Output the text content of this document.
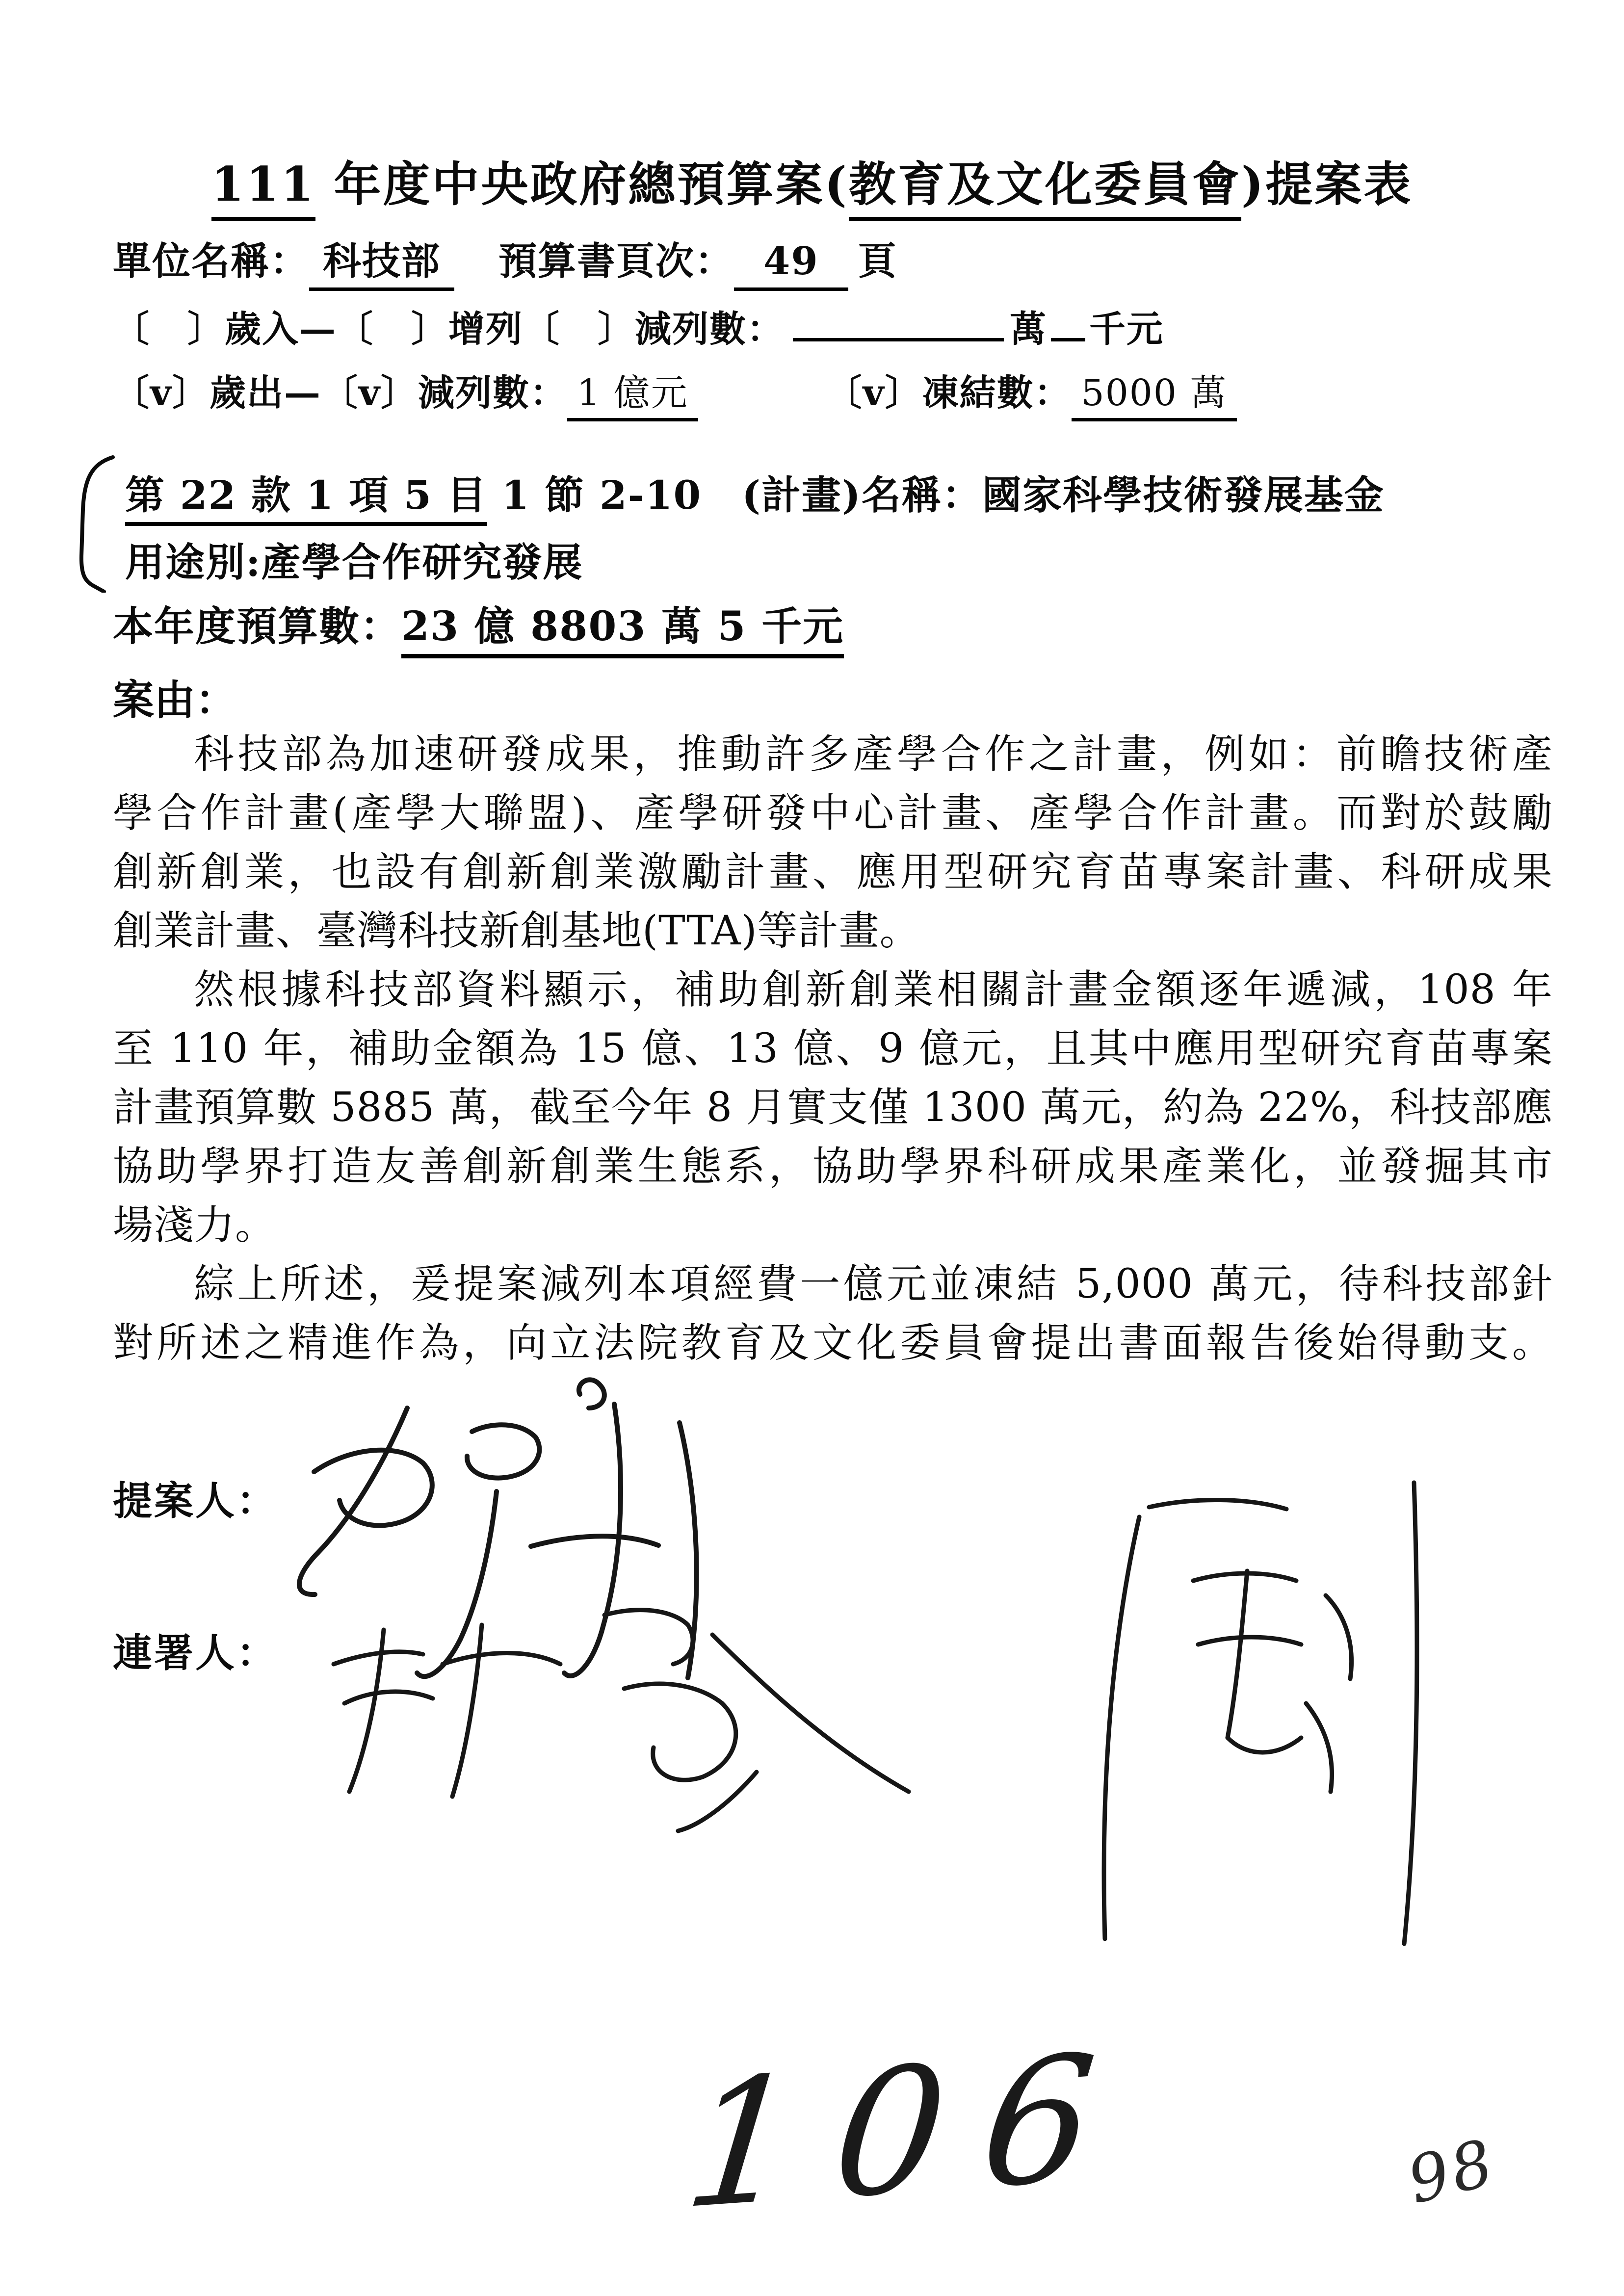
111 年度中央政府總預算案(教育及文化委員會)提案表
單位名稱： 科技部 預算書頁次： 49 頁
〔　〕歲入—〔　〕增列〔　〕減列數：	萬 千元
〔v〕歲出—〔v〕減列數： 1 億元	〔v〕凍結數： 5000 萬
第 22 款 1 項 5 目 1 節 2-10　(計畫)名稱：國家科學技術發展基金
用途別:產學合作研究發展
本年度預算數：23 億 8803 萬 5 千元
案由：
科技部為加速研發成果，推動許多產學合作之計畫，例如：前瞻技術產
學合作計畫(產學大聯盟)、產學研發中心計畫、產學合作計畫。而對於鼓勵
創新創業，也設有創新創業激勵計畫、應用型研究育苗專案計畫、科研成果
創業計畫、臺灣科技新創基地(TTA)等計畫。
然根據科技部資料顯示，補助創新創業相關計畫金額逐年遞減，108 年
至 110 年，補助金額為 15 億、13 億、9 億元，且其中應用型研究育苗專案
計畫預算數 5885 萬，截至今年 8 月實支僅 1300 萬元，約為 22%，科技部應
協助學界打造友善創新創業生態系，協助學界科研成果產業化，並發掘其市
場淺力。
綜上所述，爰提案減列本項經費一億元並凍結 5,000 萬元，待科技部針
對所述之精進作為，向立法院教育及文化委員會提出書面報告後始得動支。
提案人：
連署人：
106	98
